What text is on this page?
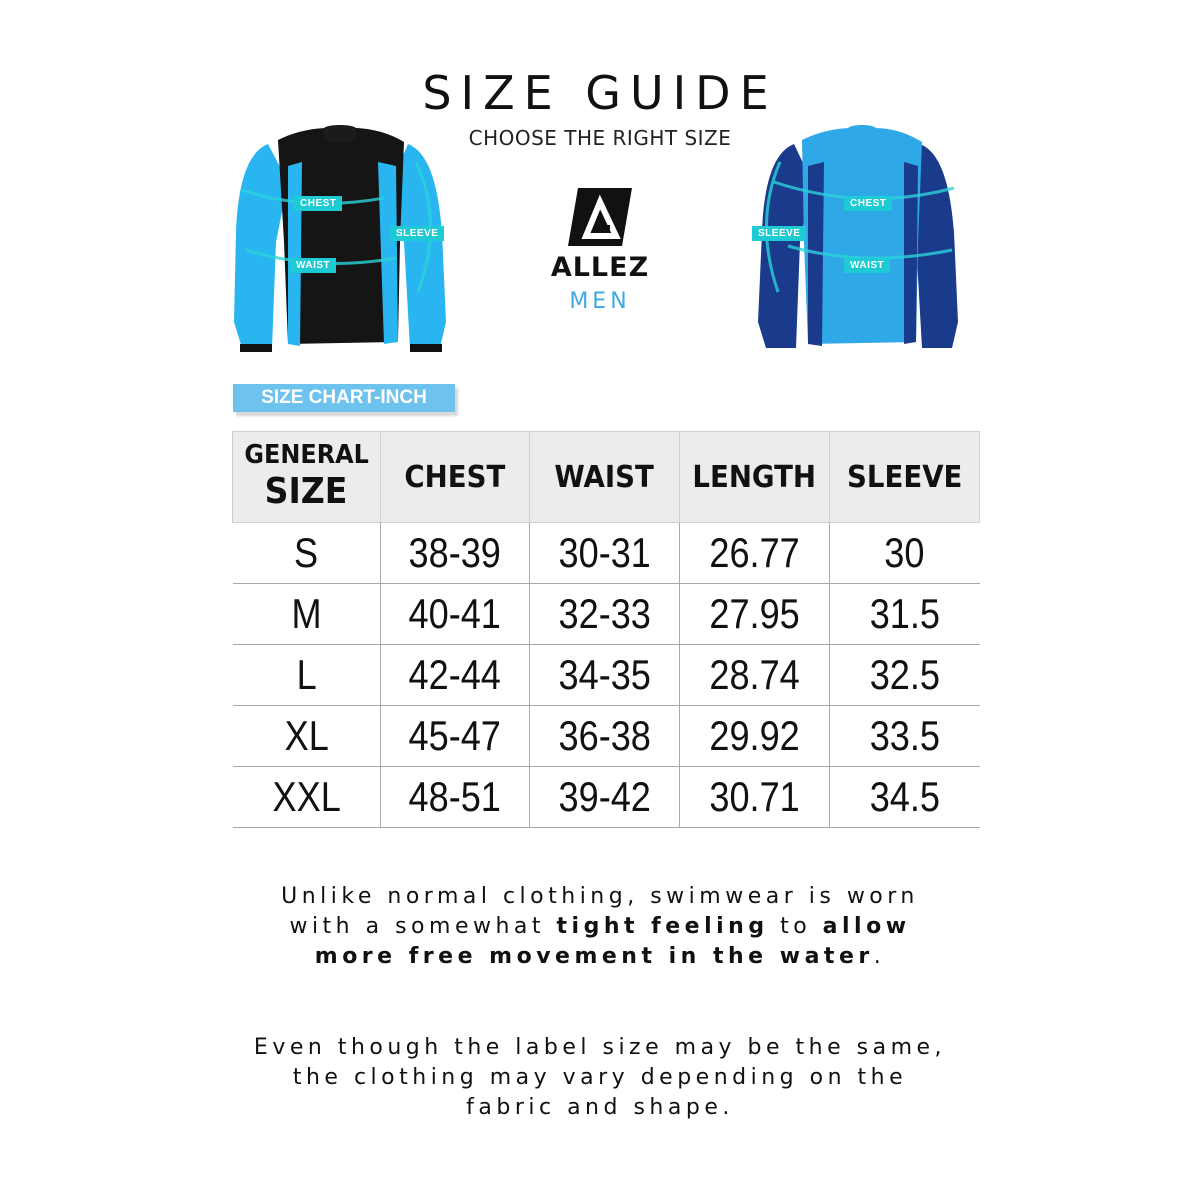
SIZE GUIDE
CHOOSE THE RIGHT SIZE
CHEST
SLEEVE
WAIST	ALLEZ
MEN
CHEST
SLEEVE
WAIST
SIZE CHART-INCH
GENERAL
SIZE	CHEST	WAIST	LENGTH	SLEEVE
S	38-39	30-31	26.77	30
M	40-41	32-33	27.95	31.5
L	42-44	34-35	28.74	32.5
XL	45-47	36-38	29.92	33.5
XXL	48-51	39-42	30.71	34.5
Unlike normal clothing, swimwear is worn with a somewhat tight feeling to allow more free movement in the water.
Even though the label size may be the same, the clothing may vary depending on the fabric and shape.
